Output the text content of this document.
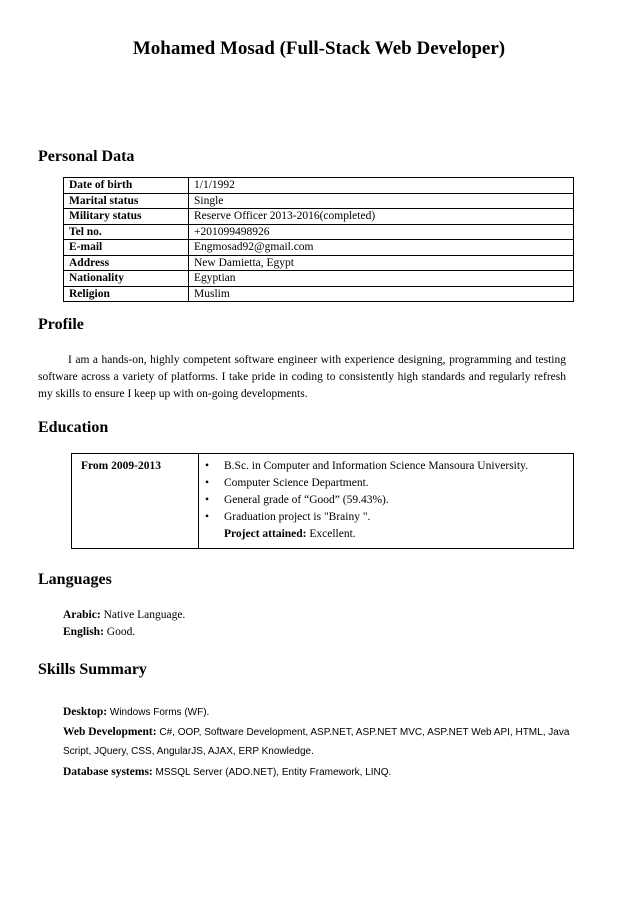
Mohamed Mosad (Full-Stack Web Developer)
Personal Data
Date of birth	1/1/1992
Marital status	Single
Military status	Reserve Officer 2013-2016(completed)
Tel no.	+201099498926
E-mail	Engmosad92@gmail.com
Address	New Damietta, Egypt
Nationality	Egyptian
Religion	Muslim
Profile
I am a hands-on, highly competent software engineer with experience designing, programming and testing software across a variety of platforms. I take pride in coding to consistently high standards and regularly refresh my skills to ensure I keep up with on-going developments.
Education
From 2009-2013	• B.Sc. in Computer and Information Science Mansoura University.
• Computer Science Department.
• General grade of “Good” (59.43%).
• Graduation project is "Brainy ".
Project attained: Excellent.
Languages
Arabic: Native Language.
English: Good.
Skills Summary
Desktop: Windows Forms (WF).
Web Development: C#, OOP, Software Development, ASP.NET, ASP.NET MVC, ASP.NET Web API, HTML, Java Script, JQuery, CSS, AngularJS, AJAX, ERP Knowledge.
Database systems: MSSQL Server (ADO.NET), Entity Framework, LINQ.
